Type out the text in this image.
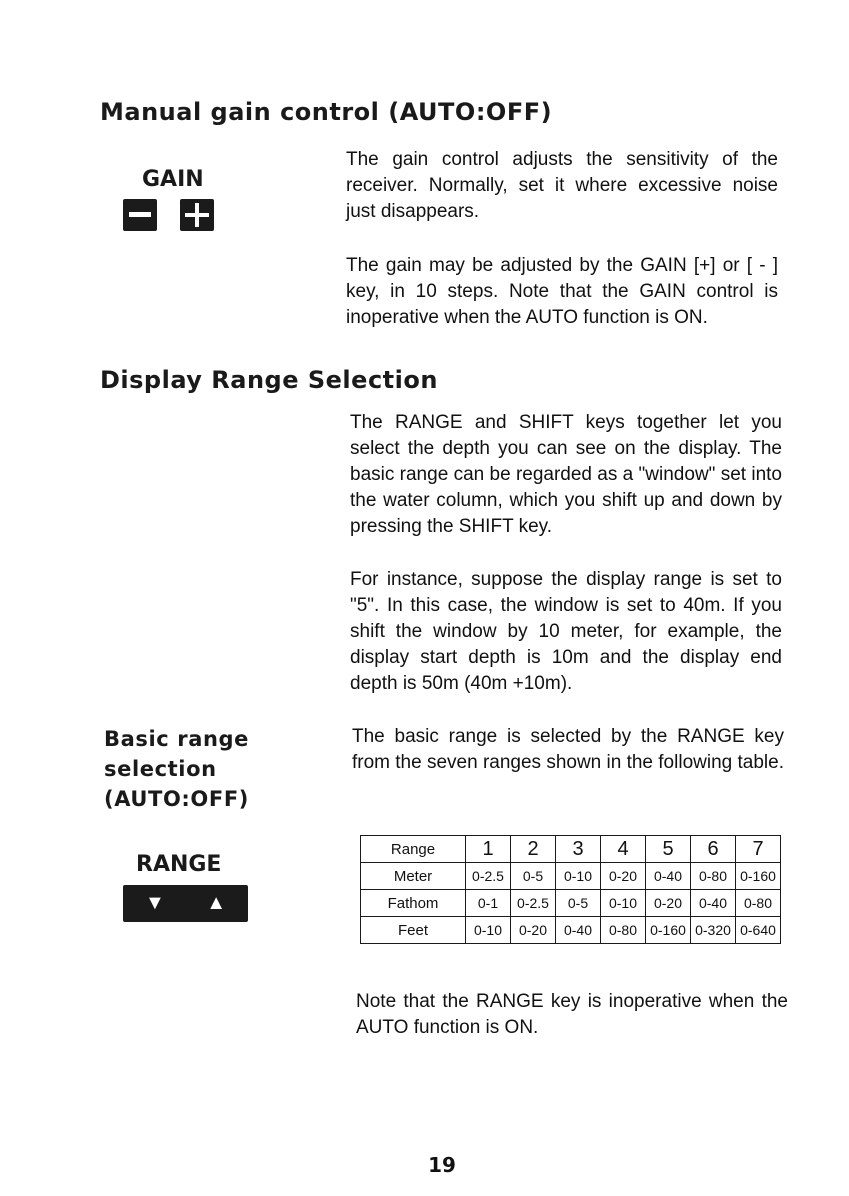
Manual gain control (AUTO:OFF)
GAIN

The gain control adjusts the sensitivity of the receiver. Normally, set it where excessive noise just disappears.

The gain may be adjusted by the GAIN [+] or [ - ] key, in 10 steps. Note that the GAIN control is inoperative when the AUTO function is ON.

Display Range Selection

The RANGE and SHIFT keys together let you select the depth you can see on the display. The basic range can be regarded as a "window" set into the water column, which you shift up and down by pressing the SHIFT key.

For instance, suppose the display range is set to "5". In this case, the window is set to 40m. If you shift the window by 10 meter, for example, the display start depth is 10m and the display end depth is 50m (40m +10m).

Basic range
selection
(AUTO:OFF)

The basic range is selected by the RANGE key from the seven ranges shown in the following table.

RANGE
▼ ▲
Range	1	2	3	4	5	6	7
Meter	0-2.5	0-5	0-10	0-20	0-40	0-80	0-160
Fathom	0-1	0-2.5	0-5	0-10	0-20	0-40	0-80
Feet	0-10	0-20	0-40	0-80	0-160	0-320	0-640

Note that the RANGE key is inoperative when the AUTO function is ON.

19
